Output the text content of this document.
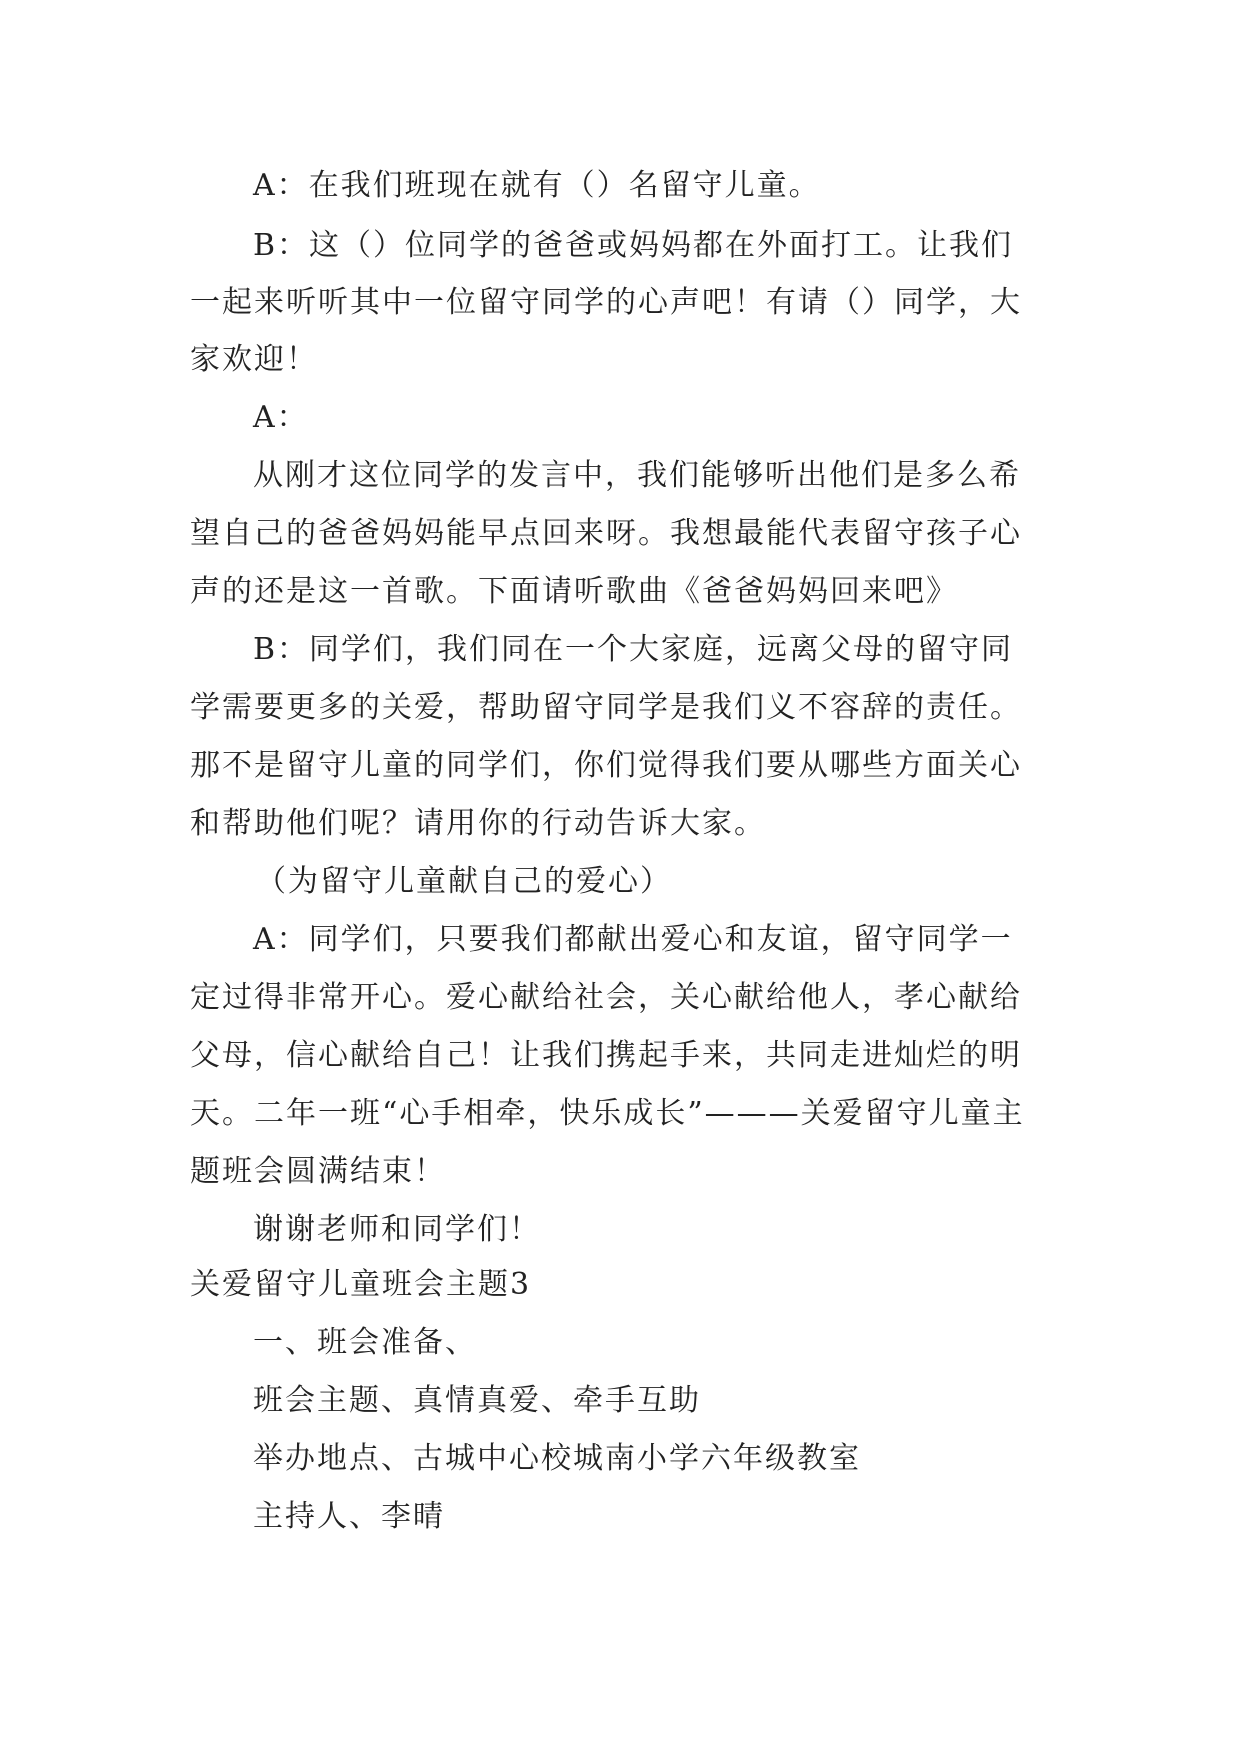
A：在我们班现在就有（）名留守儿童。
B：这（）位同学的爸爸或妈妈都在外面打工。让我们
一起来听听其中一位留守同学的心声吧！有请（）同学，大
家欢迎！
A：
从刚才这位同学的发言中，我们能够听出他们是多么希
望自己的爸爸妈妈能早点回来呀。我想最能代表留守孩子心
声的还是这一首歌。下面请听歌曲《爸爸妈妈回来吧》
B：同学们，我们同在一个大家庭，远离父母的留守同
学需要更多的关爱，帮助留守同学是我们义不容辞的责任。
那不是留守儿童的同学们，你们觉得我们要从哪些方面关心
和帮助他们呢？请用你的行动告诉大家。
（为留守儿童献自己的爱心）
A：同学们，只要我们都献出爱心和友谊，留守同学一
定过得非常开心。爱心献给社会，关心献给他人，孝心献给
父母，信心献给自己！让我们携起手来，共同走进灿烂的明
天。二年一班“心手相牵，快乐成长”———关爱留守儿童主
题班会圆满结束！
谢谢老师和同学们！
关爱留守儿童班会主题3
一、班会准备、
班会主题、真情真爱、牵手互助
举办地点、古城中心校城南小学六年级教室
主持人、李晴
